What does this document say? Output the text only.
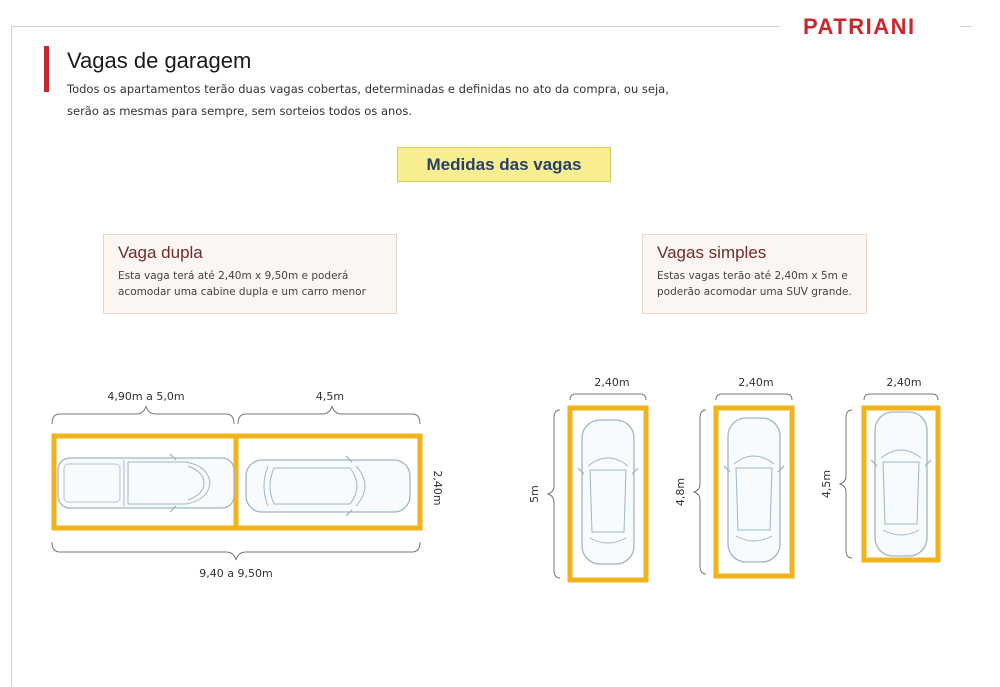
PATRIANI
Vagas de garagem
Todos os apartamentos terão duas vagas cobertas, determinadas e definidas no ato da compra, ou seja,
serão as mesmas para sempre, sem sorteios todos os anos.
Medidas das vagas
Vaga dupla

Esta vaga terá até 2,40m x 9,50m e poderá
acomodar uma cabine dupla e um carro menor

Vagas simples

Estas vagas terão até 2,40m x 5m e
poderão acomodar uma SUV grande.

4,90m a 5,0m	4,5m
2,40m
9,40 a 9,50m
2,40m
5m
2,40m
4,8m
2,40m
4,5m
